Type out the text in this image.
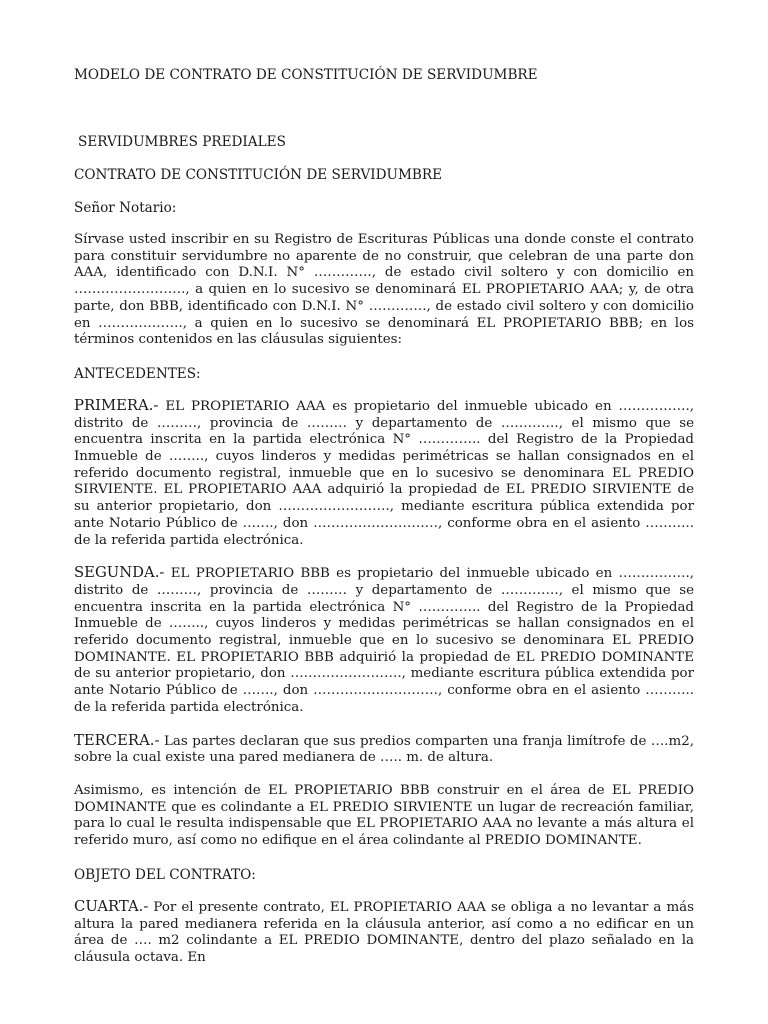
MODELO DE CONTRATO DE CONSTITUCIÓN DE SERVIDUMBRE
SERVIDUMBRES PREDIALES
CONTRATO DE CONSTITUCIÓN DE SERVIDUMBRE
Señor Notario:

Sírvase usted inscribir en su Registro de Escrituras Públicas una donde conste el contrato para constituir servidumbre no aparente de no construir, que celebran de una parte don AAA, identificado con D.N.I. N° …………., de estado civil soltero y con domicilio en ……………………., a quien en lo sucesivo se denominará EL PROPIETARIO AAA; y, de otra parte, don BBB, identificado con D.N.I. N° …………., de estado civil soltero y con domicilio en ………………., a quien en lo sucesivo se denominará EL PROPIETARIO BBB; en los términos contenidos en las cláusulas siguientes:

ANTECEDENTES:

PRIMERA.- EL PROPIETARIO AAA es propietario del inmueble ubicado en ……………., distrito de ………, provincia de ……… y departamento de …………., el mismo que se encuentra inscrita en la partida electrónica N° ………….. del Registro de la Propiedad Inmueble de …….., cuyos linderos y medidas perimétricas se hallan consignados en el referido documento registral, inmueble que en lo sucesivo se denominara EL PREDIO SIRVIENTE. EL PROPIETARIO AAA adquirió la propiedad de EL PREDIO SIRVIENTE de su anterior propietario, don ……………………., mediante escritura pública extendida por ante Notario Público de ……., don ………………………., conforme obra en el asiento ……….. de la referida partida electrónica.

SEGUNDA.- EL PROPIETARIO BBB es propietario del inmueble ubicado en ……………., distrito de ………, provincia de ……… y departamento de …………., el mismo que se encuentra inscrita en la partida electrónica N° ………….. del Registro de la Propiedad Inmueble de …….., cuyos linderos y medidas perimétricas se hallan consignados en el referido documento registral, inmueble que en lo sucesivo se denominara EL PREDIO DOMINANTE. EL PROPIETARIO BBB adquirió la propiedad de EL PREDIO DOMINANTE de su anterior propietario, don ……………………., mediante escritura pública extendida por ante Notario Público de ……., don ………………………., conforme obra en el asiento ……….. de la referida partida electrónica.

TERCERA.- Las partes declaran que sus predios comparten una franja limítrofe de ….m2, sobre la cual existe una pared medianera de ….. m. de altura.

Asimismo, es intención de EL PROPIETARIO BBB construir en el área de EL PREDIO DOMINANTE que es colindante a EL PREDIO SIRVIENTE un lugar de recreación familiar, para lo cual le resulta indispensable que EL PROPIETARIO AAA no levante a más altura el referido muro, así como no edifique en el área colindante al PREDIO DOMINANTE.

OBJETO DEL CONTRATO:

CUARTA.- Por el presente contrato, EL PROPIETARIO AAA se obliga a no levantar a más altura la pared medianera referida en la cláusula anterior, así como a no edificar en un área de …. m2 colindante a EL PREDIO DOMINANTE, dentro del plazo señalado en la cláusula octava. En
